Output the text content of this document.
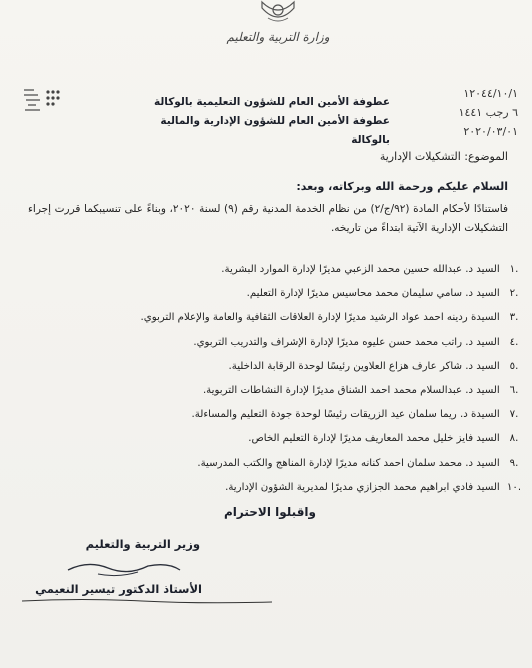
وزارة التربية والتعليم
١٢٠٤٤/١٠/١
٦ رجب ١٤٤١
٢٠٢٠/٠٣/٠١
عطوفة الأمين العام للشؤون التعليمية بالوكالة
عطوفة الأمين العام للشؤون الإدارية والمالية بالوكالة
الموضوع: التشكيلات الإدارية
السلام عليكم ورحمة الله وبركاته، وبعد:
فاستنادًا لأحكام المادة (٩٢/ج/٢) من نظام الخدمة المدنية رقم (٩) لسنة ٢٠٢٠، وبناءً على تنسيبكما قررت إجراء التشكيلات الإدارية الآتية ابتداءً من تاريخه.
.١ السيد د. عبدالله حسين محمد الزعبي مديرًا لإدارة الموارد البشرية.
.٢ السيد د. سامي سليمان محمد محاسيس مديرًا لإدارة التعليم.
.٣ السيدة ردينه احمد عواد الرشيد مديرًا لإدارة العلاقات الثقافية والعامة والإعلام التربوي.
.٤ السيد د. راتب محمد حسن عليوه مديرًا لإدارة الإشراف والتدريب التربوي.
.٥ السيد د. شاكر عارف هزاع العلاوين رئيسًا لوحدة الرقابة الداخلية.
.٦ السيد د. عبدالسلام محمد احمد الشناق مديرًا لإدارة النشاطات التربوية.
.٧ السيدة د. ريما سلمان عيد الزريقات رئيسًا لوحدة جودة التعليم والمساءلة.
.٨ السيد فايز خليل محمد المعاريف مديرًا لإدارة التعليم الخاص.
.٩ السيد د. محمد سلمان احمد كنانه مديرًا لإدارة المناهج والكتب المدرسية.
.١٠ السيد فادي ابراهيم محمد الجزازي مديرًا لمديرية الشؤون الإدارية.
واقبلوا الاحترام
وزير التربية والتعليم
الأستاذ الدكتور تيسير النعيمي
